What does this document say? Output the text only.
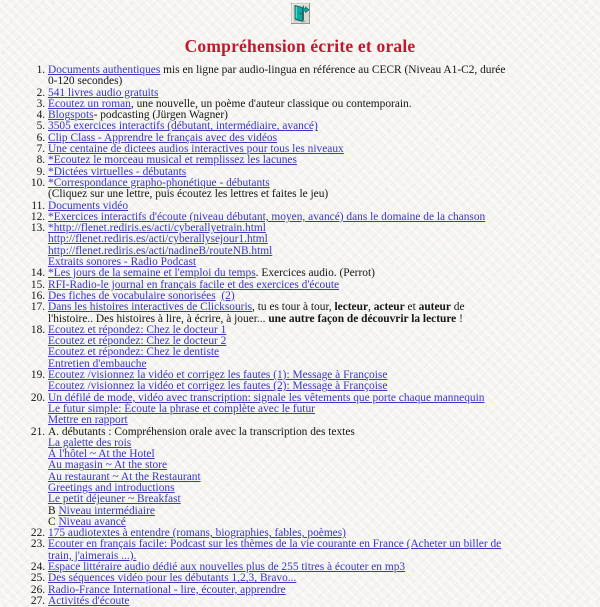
Compréhension écrite et orale
1. Documents authentiques mis en ligne par audio-lingua en référence au CECR (Niveau A1-C2, durée
0-120 secondes)
2. 541 livres audio gratuits
3. Écoutez un roman, une nouvelle, un poème d'auteur classique ou contemporain.
4. Blogspots- podcasting (Jürgen Wagner)
5. 3505 exercices interactifs (débutant, intermédiaire, avancé)
6. Clip Class - Apprendre le français avec des vidéos
7. Une centaine de dictees audios interactives pour tous les niveaux
8. *Ecoutez le morceau musical et remplissez les lacunes
9. *Dictées virtuelles - débutants
10. *Correspondance grapho-phonétique - débutants
(Cliquez sur une lettre, puis écoutez les lettres et faites le jeu)
11. Documents vidéo
12. *Exercices interactifs d'écoute (niveau débutant, moyen, avancé) dans le domaine de la chanson
13. *http://flenet.rediris.es/acti/cyberallyetrain.html
http://flenet.rediris.es/acti/cyberallysejour1.html
http://flenet.rediris.es/acti/nadineB/routeNB.html
Extraits sonores - Radio Podcast
14. *Les jours de la semaine et l'emploi du temps. Exercices audio. (Perrot)
15. RFI-Radio-le journal en français facile et des exercices d'écoute
16. Des fiches de vocabulaire sonorisées (2)
17. Dans les histoires interactives de Clicksouris, tu es tour à tour, lecteur, acteur et auteur de
l'histoire.. Des histoires à lire, à écrire, à jouer... une autre façon de découvrir la lecture !
18. Ecoutez et répondez: Chez le docteur 1
Ecoutez et répondez: Chez le docteur 2
Ecoutez et répondez: Chez le dentiste
Entretien d'embauche
19. Ecoutez /visionnez la vidéo et corrigez les fautes (1): Message à Françoise
Ecoutez /visionnez la vidéo et corrigez les fautes (2): Message à Françoise
20. Un défilé de mode, vidéo avec transcription: signale les vêtements que porte chaque mannequin
Le futur simple: Écoute la phrase et complète avec le futur
Mettre en rapport
21. A. débutants : Compréhension orale avec la transcription des textes
La galette des rois
À l'hôtel ~ At the Hotel
Au magasin ~ At the store
Au restaurant ~ At the Restaurant
Greetings and introductions
Le petit déjeuner ~ Breakfast
B Niveau intermédiaire
C Niveau avancé
22. 175 audiotextes à entendre (romans, biographies, fables, poèmes)
23. Ecouter en français facile: Podcast sur les thèmes de la vie courante en France (Acheter un biller de
train, j'aimerais ...).
24. Espace littéraire audio dédié aux nouvelles plus de 255 titres à écouter en mp3
25. Des séquences vidéo pour les débutants 1,2,3, Bravo...
26. Radio-France International - lire, écouter, apprendre
27. Activités d'écoute
